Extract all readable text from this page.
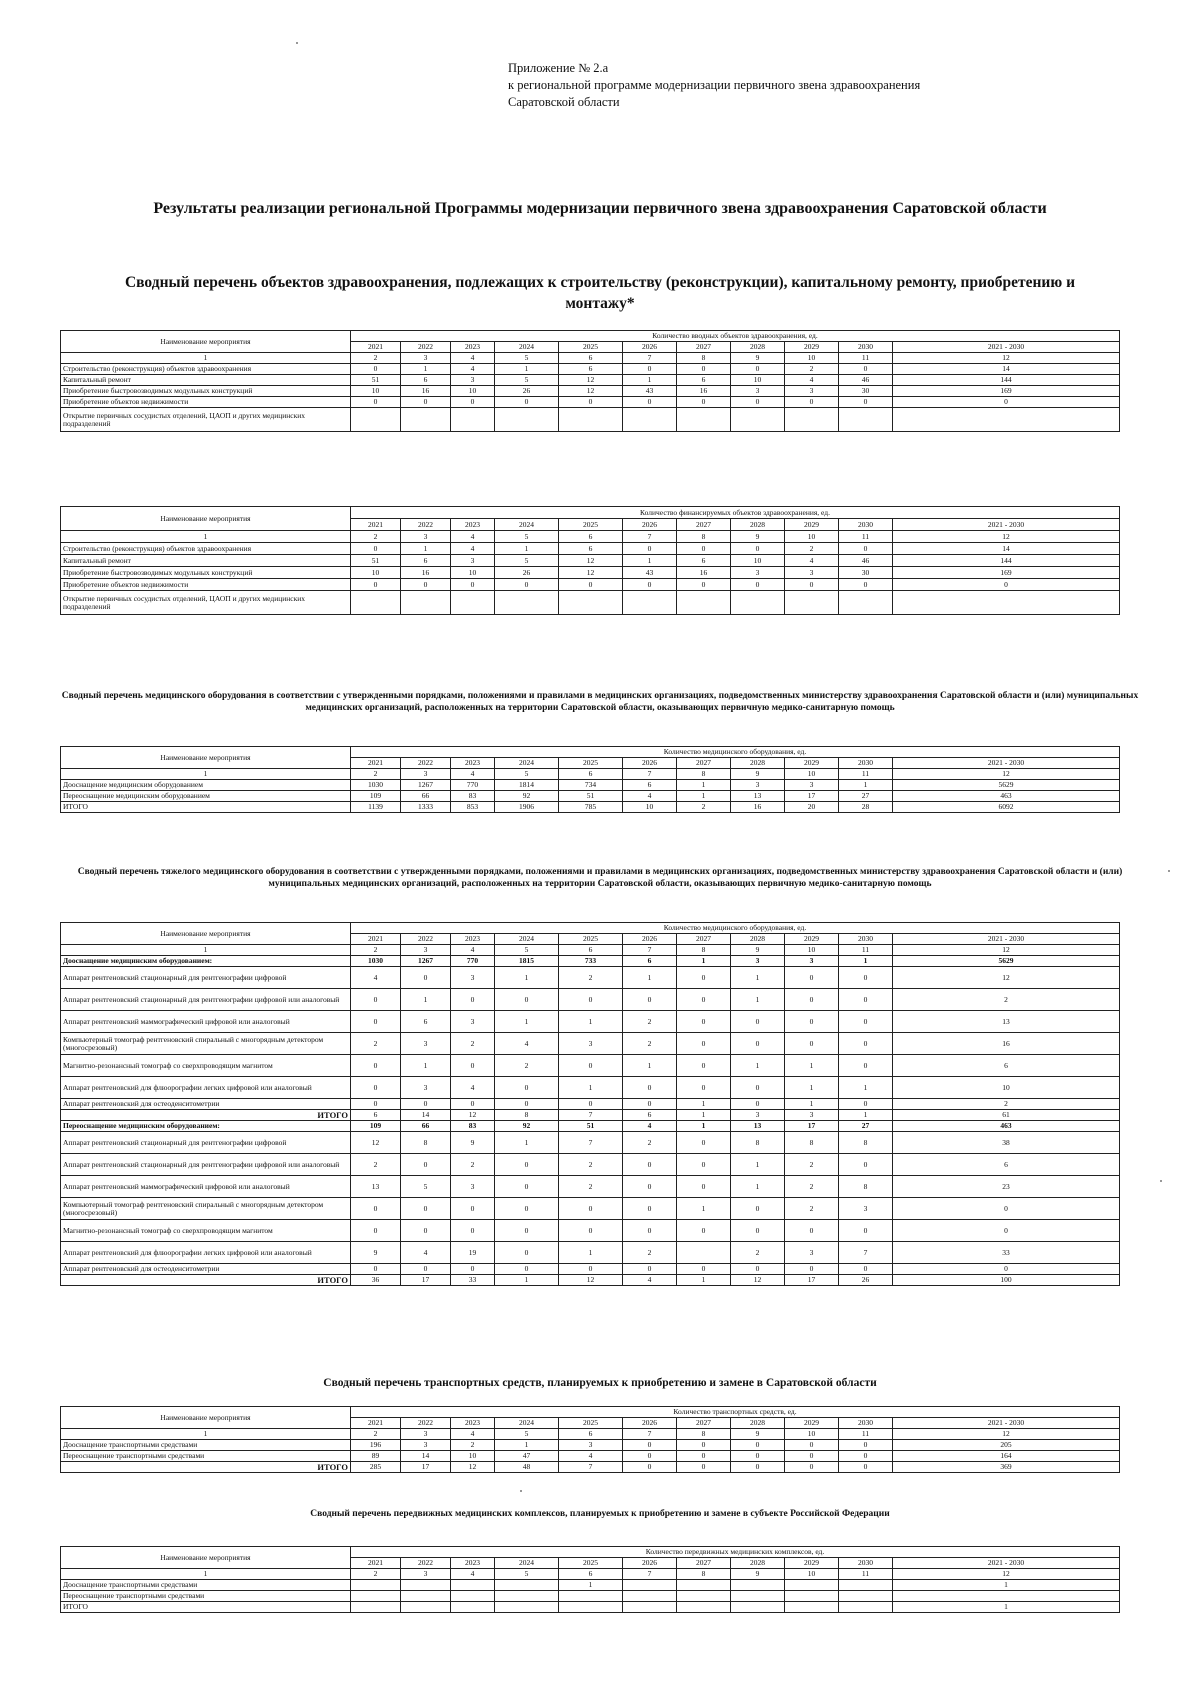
Приложение № 2.а
к региональной программе модернизации первичного звена здравоохранения
Саратовской области
Результаты реализации региональной Программы модернизации первичного звена здравоохранения Саратовской области
Сводный перечень объектов здравоохранения, подлежащих к строительству (реконструкции), капитальному ремонту, приобретению и монтажу*
Наименование мероприятия	Количество вводных объектов здравоохранения, ед.										
	2021	2022	2023	2024	2025	2026	2027	2028	2029	2030	2021 - 2030
1	2	3	4	5	6	7	8	9	10	11	12
Строительство (реконструкция) объектов здравоохранения	0	1	4	1	6	0	0	0	2	0	14
Капитальный ремонт	51	6	3	5	12	1	6	10	4	46	144
Приобретение быстровозводимых модульных конструкций	10	16	10	26	12	43	16	3	3	30	169
Приобретение объектов недвижимости	0	0	0	0	0	0	0	0	0	0	0
Открытие первичных сосудистых отделений, ЦАОП и других медицинских подразделений											
Наименование мероприятия	Количество финансируемых объектов здравоохранения, ед.										
	2021	2022	2023	2024	2025	2026	2027	2028	2029	2030	2021 - 2030
1	2	3	4	5	6	7	8	9	10	11	12
Строительство (реконструкция) объектов здравоохранения	0	1	4	1	6	0	0	0	2	0	14
Капитальный ремонт	51	6	3	5	12	1	6	10	4	46	144
Приобретение быстровозводимых модульных конструкций	10	16	10	26	12	43	16	3	3	30	169
Приобретение объектов недвижимости	0	0	0	0	0	0	0	0	0	0	0
Открытие первичных сосудистых отделений, ЦАОП и других медицинских подразделений											
Сводный перечень медицинского оборудования в соответствии с утвержденными порядками, положениями и правилами в медицинских организациях, подведомственных министерству здравоохранения Саратовской области и (или) муниципальных медицинских организаций, расположенных на территории Саратовской области, оказывающих первичную медико-санитарную помощь
Наименование мероприятия	Количество медицинского оборудования, ед.										
	2021	2022	2023	2024	2025	2026	2027	2028	2029	2030	2021 - 2030
1	2	3	4	5	6	7	8	9	10	11	12
Дооснащение медицинским оборудованием	1030	1267	770	1814	734	6	1	3	3	1	5629
Переоснащение медицинским оборудованием	109	66	83	92	51	4	1	13	17	27	463
ИТОГО	1139	1333	853	1906	785	10	2	16	20	28	6092
Сводный перечень тяжелого медицинского оборудования в соответствии с утвержденными порядками, положениями и правилами в медицинских организациях, подведомственных министерству здравоохранения Саратовской области и (или) муниципальных медицинских организаций, расположенных на территории Саратовской области, оказывающих первичную медико-санитарную помощь
Наименование мероприятия	Количество медицинского оборудования, ед.										
	2021	2022	2023	2024	2025	2026	2027	2028	2029	2030	2021 - 2030
1	2	3	4	5	6	7	8	9	10	11	12
Дооснащение медицинским оборудованием:	1030	1267	770	1815	733	6	1	3	3	1	5629
Аппарат рентгеновский стационарный для рентгенографии цифровой	4	0	3	1	2	1	0	1	0	0	12
Аппарат рентгеновский стационарный для рентгенографии цифровой или аналоговый	0	1	0	0	0	0	0	1	0	0	2
Аппарат рентгеновский маммографический цифровой или аналоговый	0	6	3	1	1	2	0	0	0	0	13
Компьютерный томограф рентгеновский спиральный с многорядным детектором (многосрезовый)	2	3	2	4	3	2	0	0	0	0	16
Магнитно-резонансный томограф со сверхпроводящим магнитом	0	1	0	2	0	1	0	1	1	0	6
Аппарат рентгеновский для флюорографии легких цифровой или аналоговый	0	3	4	0	1	0	0	0	1	1	10
Аппарат рентгеновский для остеоденситометрии	0	0	0	0	0	0	1	0	1	0	2
ИТОГО	6	14	12	8	7	6	1	3	3	1	61
Переоснащение медицинским оборудованием:	109	66	83	92	51	4	1	13	17	27	463
Аппарат рентгеновский стационарный для рентгенографии цифровой	12	8	9	1	7	2	0	8	8	8	38
Аппарат рентгеновский стационарный для рентгенографии цифровой или аналоговый	2	0	2	0	2	0	0	1	2	0	6
Аппарат рентгеновский маммографический цифровой или аналоговый	13	5	3	0	2	0	0	1	2	8	23
Компьютерный томограф рентгеновский спиральный с многорядным детектором (многосрезовый)	0	0	0	0	0	0	1	0	2	3	0
Магнитно-резонансный томограф со сверхпроводящим магнитом	0	0	0	0	0	0	0	0	0	0	0
Аппарат рентгеновский для флюорографии легких цифровой или аналоговый	9	4	19	0	1	2		2	3	7	33
Аппарат рентгеновский для остеоденситометрии	0	0	0	0	0	0	0	0	0	0	0
ИТОГО	36	17	33	1	12	4	1	12	17	26	100
Сводный перечень транспортных средств, планируемых к приобретению и замене в Саратовской области
Наименование мероприятия	Количество транспортных средств, ед.										
	2021	2022	2023	2024	2025	2026	2027	2028	2029	2030	2021 - 2030
1	2	3	4	5	6	7	8	9	10	11	12
Дооснащение транспортными средствами	196	3	2	1	3	0	0	0	0	0	205
Переоснащение транспортными средствами	89	14	10	47	4	0	0	0	0	0	164
ИТОГО	285	17	12	48	7	0	0	0	0	0	369
Сводный перечень передвижных медицинских комплексов, планируемых к приобретению и замене в субъекте Российской Федерации
Наименование мероприятия	Количество передвижных медицинских комплексов, ед.										
	2021	2022	2023	2024	2025	2026	2027	2028	2029	2030	2021 - 2030
1	2	3	4	5	6	7	8	9	10	11	12
Дооснащение транспортными средствами					1						1
Переоснащение транспортными средствами											
ИТОГО											1
